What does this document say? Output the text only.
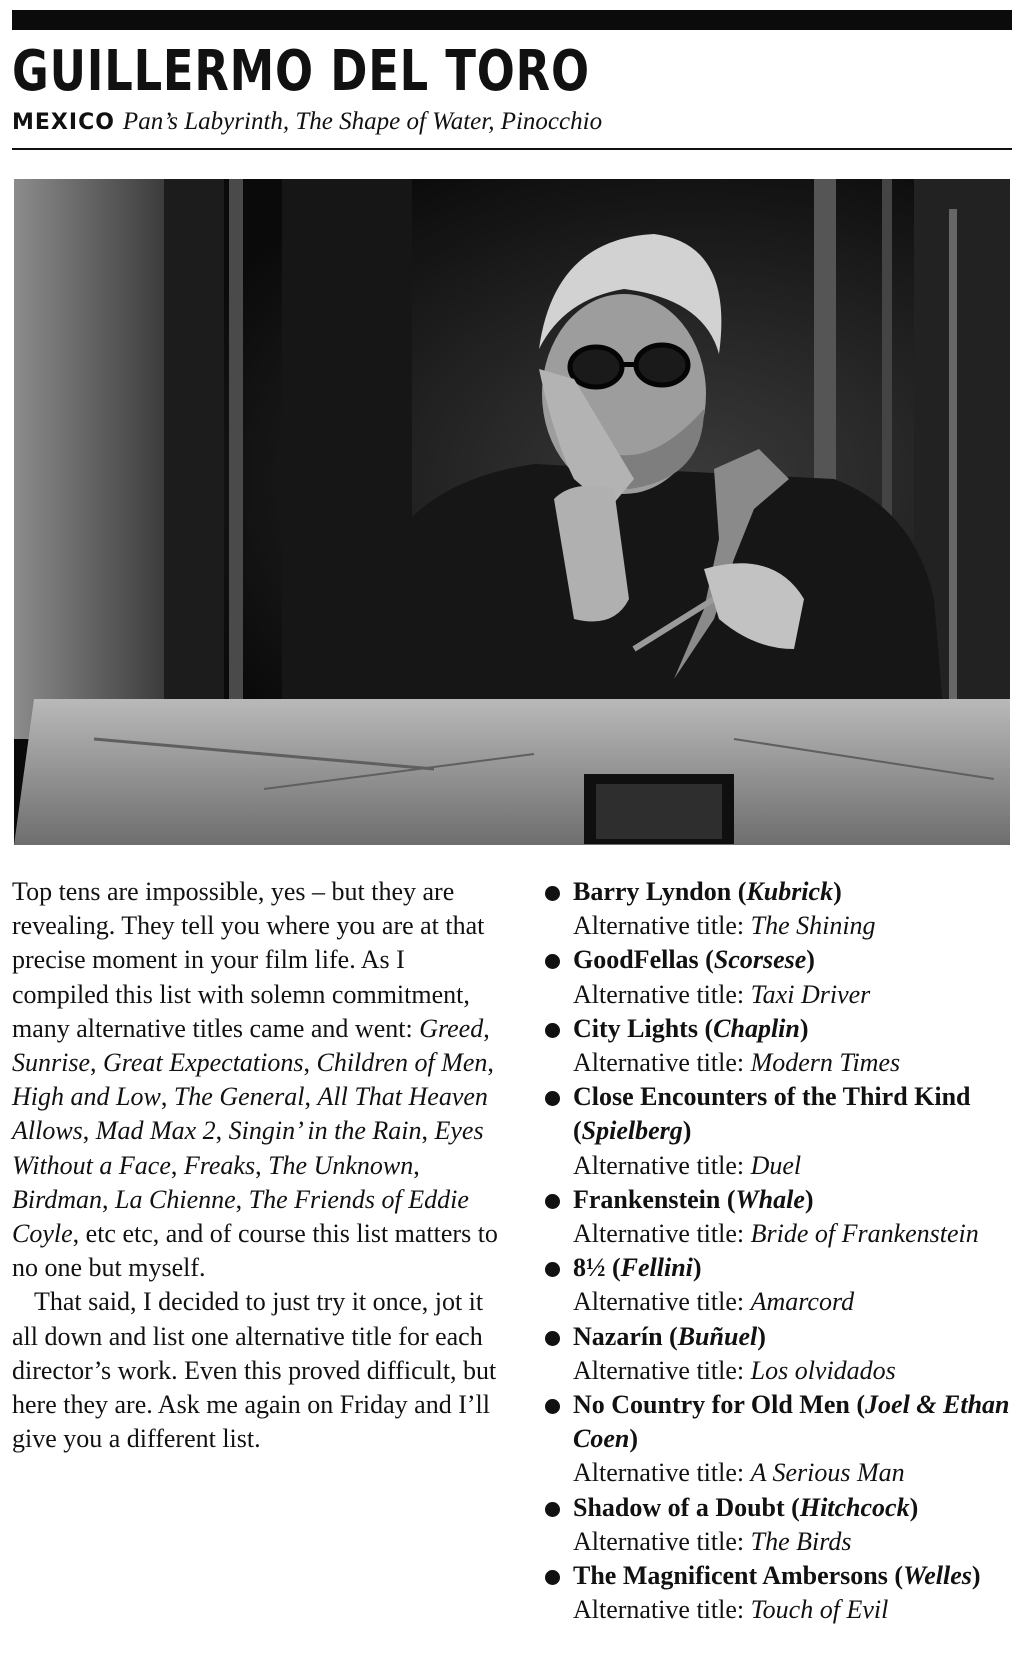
GUILLERMO DEL TORO
MEXICO Pan’s Labyrinth, The Shape of Water, Pinocchio

Top tens are impossible, yes – but they are revealing. They tell you where you are at that precise moment in your film life. As I compiled this list with solemn commitment, many alternative titles came and went: Greed, Sunrise, Great Expectations, Children of Men, High and Low, The General, All That Heaven Allows, Mad Max 2, Singin’ in the Rain, Eyes Without a Face, Freaks, The Unknown, Birdman, La Chienne, The Friends of Eddie Coyle, etc etc, and of course this list matters to no one but myself.

That said, I decided to just try it once, jot it all down and list one alternative title for each director’s work. Even this proved difficult, but here they are. Ask me again on Friday and I’ll give you a different list.

Barry Lyndon (Kubrick)
Alternative title: The Shining
GoodFellas (Scorsese)
Alternative title: Taxi Driver
City Lights (Chaplin)
Alternative title: Modern Times
Close Encounters of the Third Kind (Spielberg)
Alternative title: Duel
Frankenstein (Whale)
Alternative title: Bride of Frankenstein
8½ (Fellini)
Alternative title: Amarcord
Nazarín (Buñuel)
Alternative title: Los olvidados
No Country for Old Men (Joel & Ethan Coen)
Alternative title: A Serious Man
Shadow of a Doubt (Hitchcock)
Alternative title: The Birds
The Magnificent Ambersons (Welles)
Alternative title: Touch of Evil
